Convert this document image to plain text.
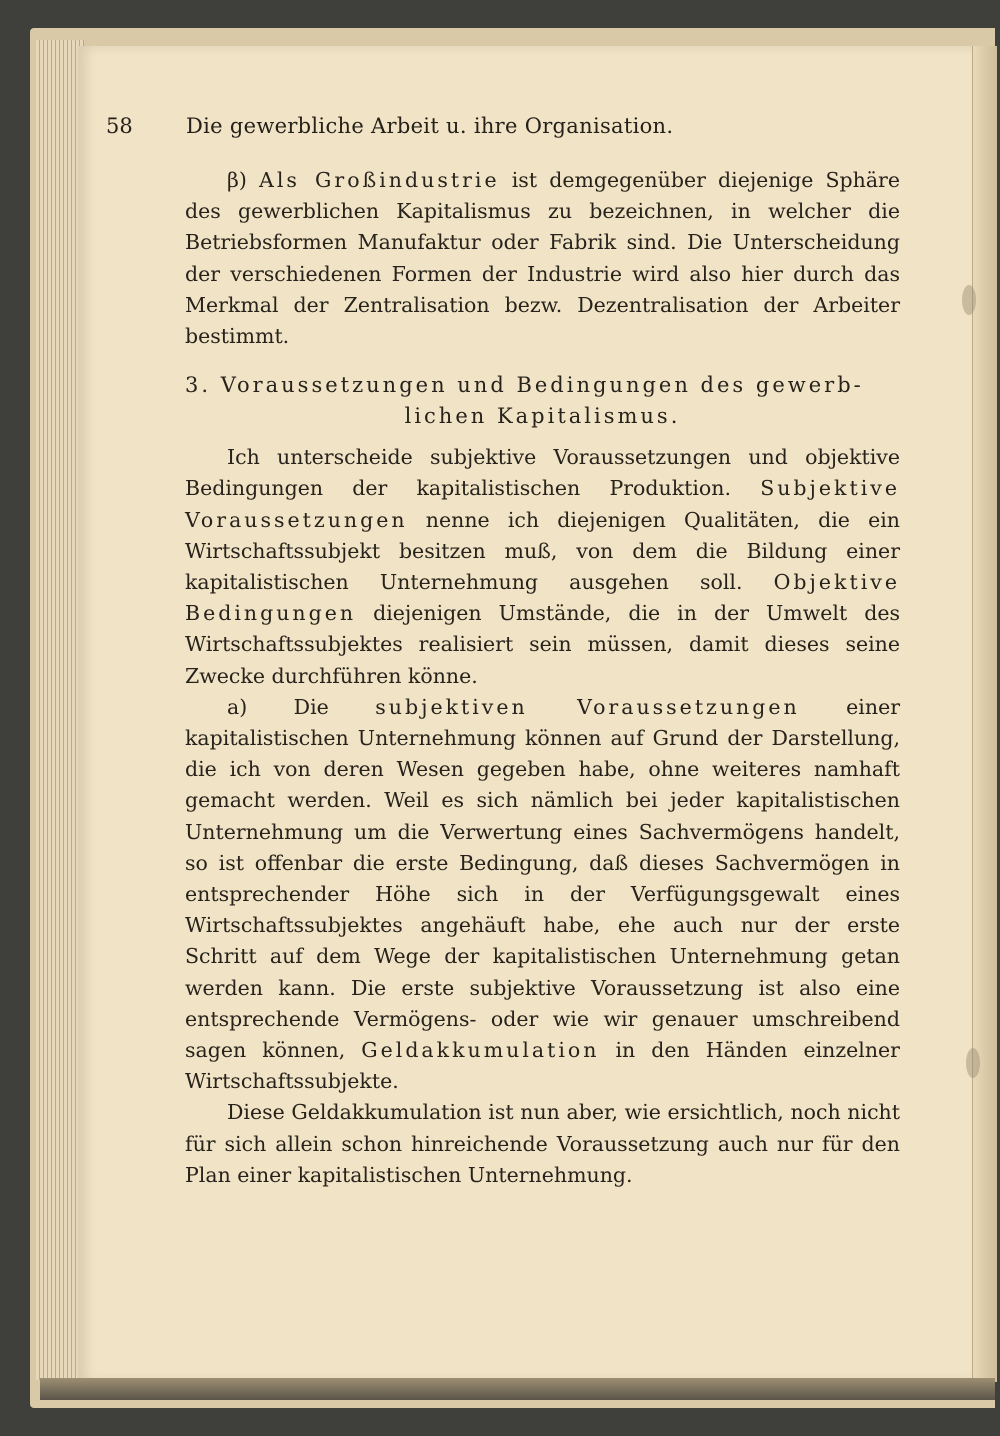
58	Die gewerbliche Arbeit u. ihre Organisation.

β) Als Großindustrie ist demgegenüber diejenige Sphäre des gewerblichen Kapitalismus zu bezeichnen, in welcher die Betriebsformen Manufaktur oder Fabrik sind. Die Unterscheidung der verschiedenen Formen der Industrie wird also hier durch das Merkmal der Zentralisation bezw. Dezentralisation der Arbeiter bestimmt.

3. Voraussetzungen und Bedingungen des gewerb-
lichen Kapitalismus.

Ich unterscheide subjektive Voraussetzungen und objektive Bedingungen der kapitalistischen Produktion. Subjektive Voraussetzungen nenne ich diejenigen Qualitäten, die ein Wirtschaftssubjekt besitzen muß, von dem die Bildung einer kapitalistischen Unternehmung ausgehen soll. Objektive Bedingungen diejenigen Umstände, die in der Umwelt des Wirtschaftssubjektes realisiert sein müssen, damit dieses seine Zwecke durchführen könne.

a) Die subjektiven Voraussetzungen einer kapitalistischen Unternehmung können auf Grund der Darstellung, die ich von deren Wesen gegeben habe, ohne weiteres namhaft gemacht werden. Weil es sich nämlich bei jeder kapitalistischen Unternehmung um die Verwertung eines Sachvermögens handelt, so ist offenbar die erste Bedingung, daß dieses Sachvermögen in entsprechender Höhe sich in der Verfügungsgewalt eines Wirtschaftssubjektes angehäuft habe, ehe auch nur der erste Schritt auf dem Wege der kapitalistischen Unternehmung getan werden kann. Die erste subjektive Voraussetzung ist also eine entsprechende Vermögens- oder wie wir genauer umschreibend sagen können, Geldakkumulation in den Händen einzelner Wirtschaftssubjekte.

Diese Geldakkumulation ist nun aber, wie ersichtlich, noch nicht für sich allein schon hinreichende Voraussetzung auch nur für den Plan einer kapitalistischen Unternehmung.
